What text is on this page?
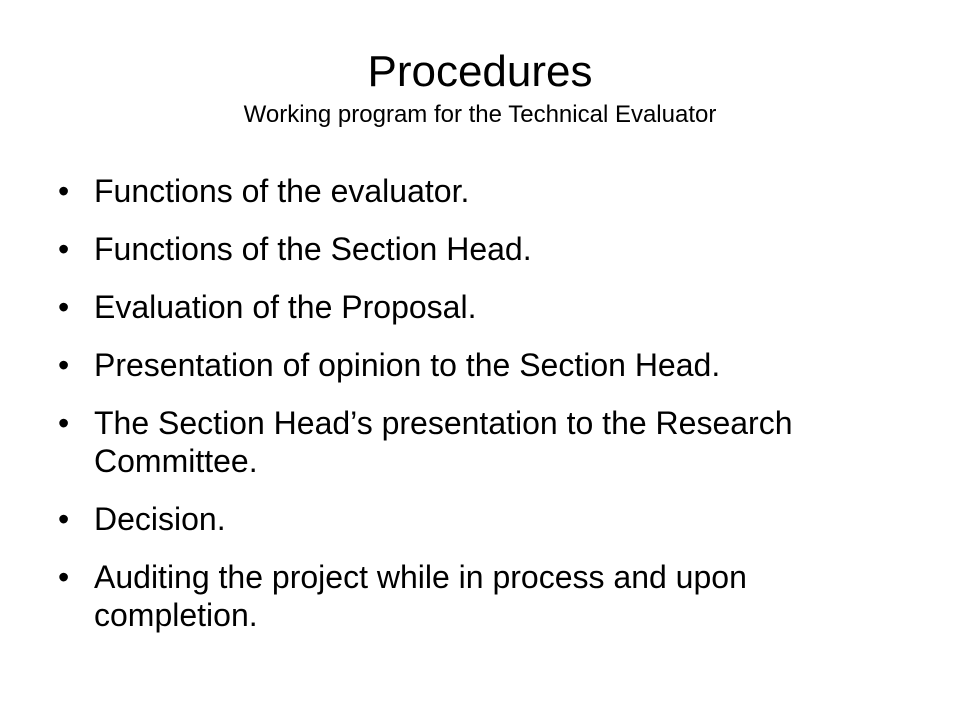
Procedures
Working program for the Technical Evaluator
• Functions of the evaluator.
• Functions of the Section Head.
• Evaluation of the Proposal.
• Presentation of opinion to the Section Head.
• The Section Head’s presentation to the Research Committee.
• Decision.
• Auditing the project while in process and upon completion.
